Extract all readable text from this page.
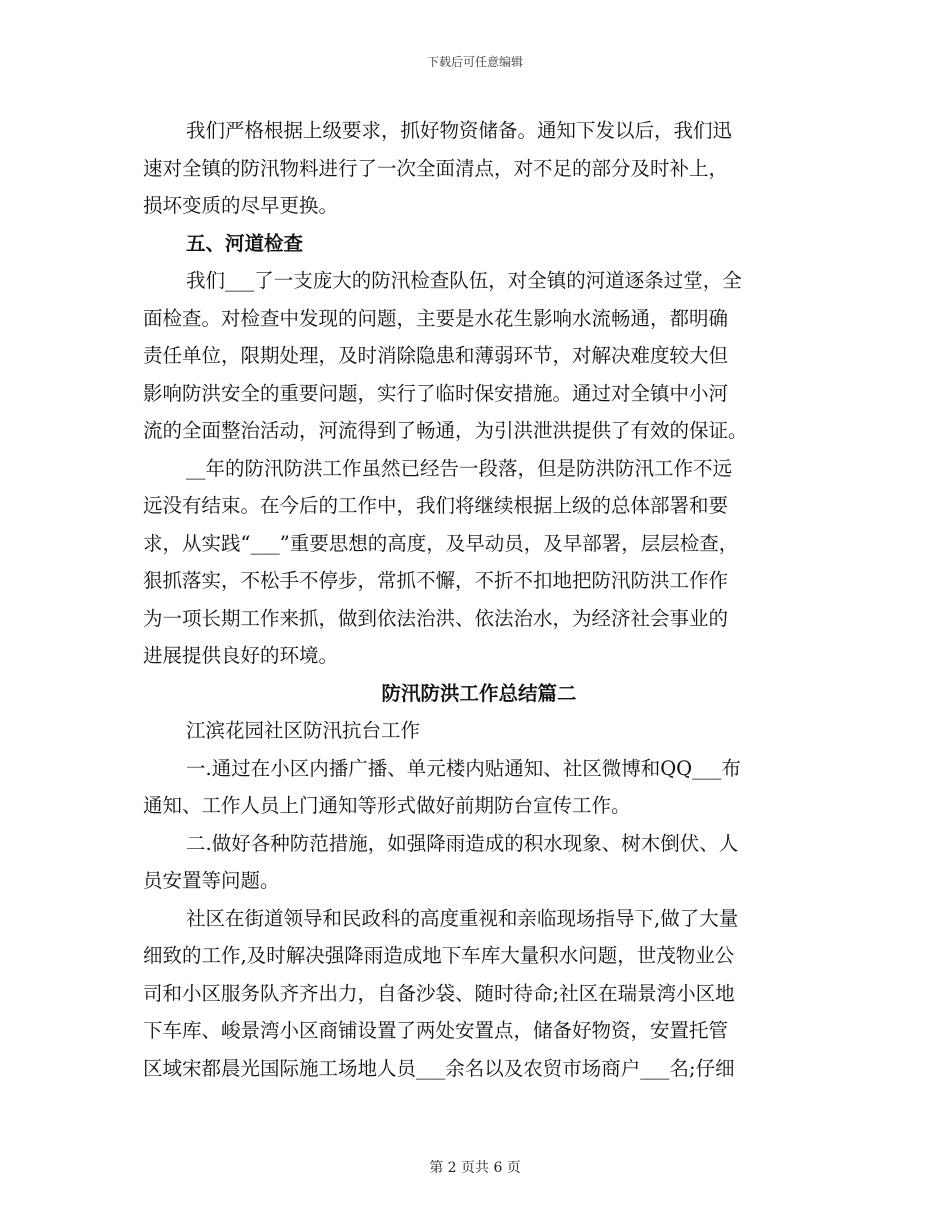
下载后可任意编辑
我们严格根据上级要求，抓好物资储备。通知下发以后，我们迅
速对全镇的防汛物料进行了一次全面清点，对不足的部分及时补上，
损坏变质的尽早更换。
五、河道检查
我们___了一支庞大的防汛检查队伍，对全镇的河道逐条过堂，全
面检查。对检查中发现的问题，主要是水花生影响水流畅通，都明确
责任单位，限期处理，及时消除隐患和薄弱环节，对解决难度较大但
影响防洪安全的重要问题，实行了临时保安措施。通过对全镇中小河
流的全面整治活动，河流得到了畅通，为引洪泄洪提供了有效的保证。
__年的防汛防洪工作虽然已经告一段落，但是防洪防汛工作不远
远没有结束。在今后的工作中，我们将继续根据上级的总体部署和要
求，从实践“___”重要思想的高度，及早动员，及早部署，层层检查，
狠抓落实，不松手不停步，常抓不懈，不折不扣地把防汛防洪工作作
为一项长期工作来抓，做到依法治洪、依法治水，为经济社会事业的
进展提供良好的环境。
防汛防洪工作总结篇二
江滨花园社区防汛抗台工作
一.通过在小区内播广播、单元楼内贴通知、社区微博和QQ___布
通知、工作人员上门通知等形式做好前期防台宣传工作。
二.做好各种防范措施，如强降雨造成的积水现象、树木倒伏、人
员安置等问题。
社区在街道领导和民政科的高度重视和亲临现场指导下,做了大量
细致的工作,及时解决强降雨造成地下车库大量积水问题，世茂物业公
司和小区服务队齐齐出力，自备沙袋、随时待命;社区在瑞景湾小区地
下车库、峻景湾小区商铺设置了两处安置点，储备好物资，安置托管
区域宋都晨光国际施工场地人员___余名以及农贸市场商户___名;仔细
第 2 页共 6 页
